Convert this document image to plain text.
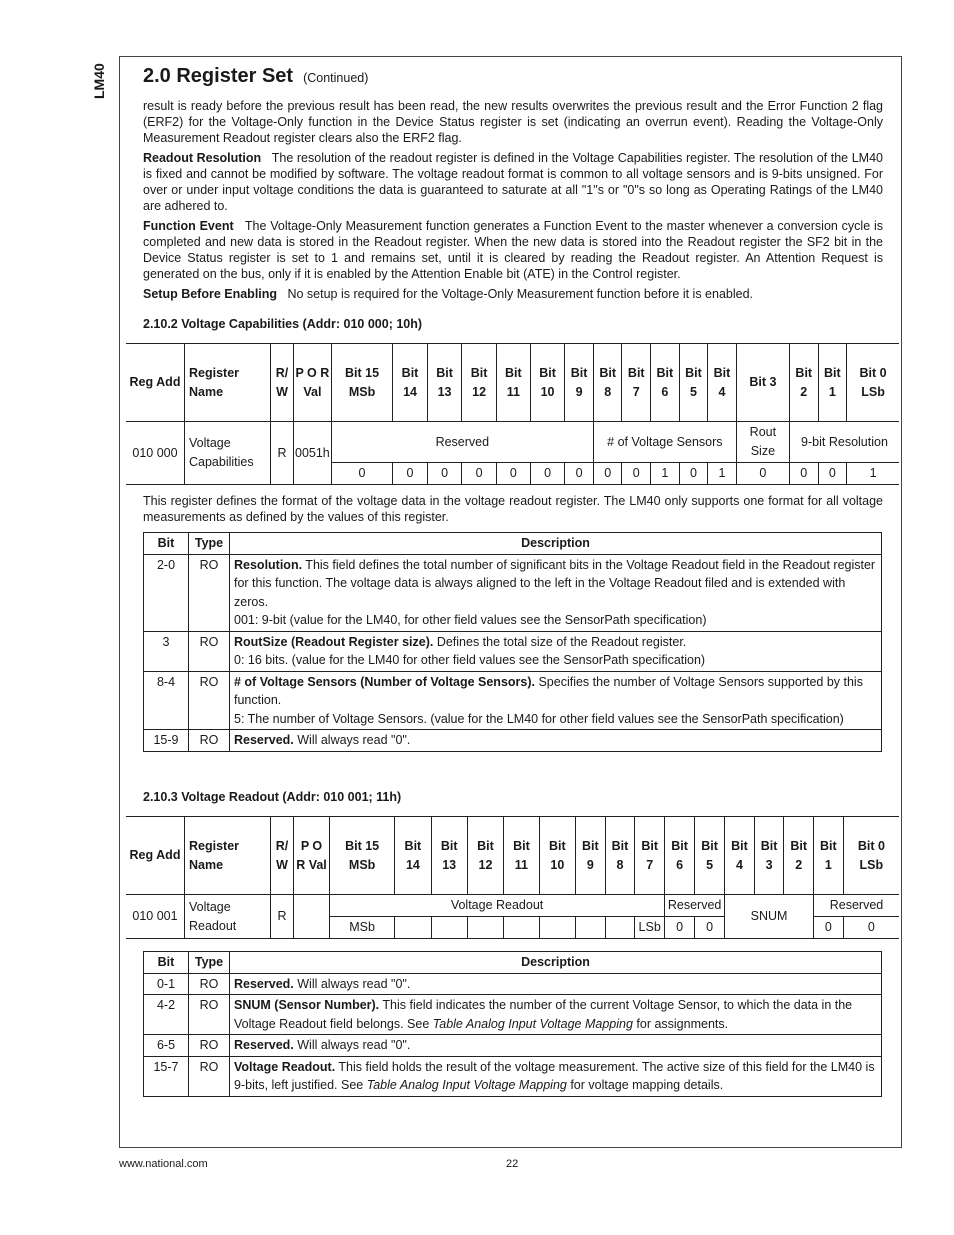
LM40	2.0 Register Set (Continued)

result is ready before the previous result has been read, the new results overwrites the previous result and the Error Function 2 flag (ERF2) for the Voltage-Only function in the Device Status register is set (indicating an overrun event). Reading the Voltage-Only Measurement Readout register clears also the ERF2 flag.

Readout Resolution The resolution of the readout register is defined in the Voltage Capabilities register. The resolution of the LM40 is fixed and cannot be modified by software. The voltage readout format is common to all voltage sensors and is 9-bits unsigned. For over or under input voltage conditions the data is guaranteed to saturate at all "1"s or "0"s so long as Operating Ratings of the LM40 are adhered to.

Function Event The Voltage-Only Measurement function generates a Function Event to the master whenever a conversion cycle is completed and new data is stored in the Readout register. When the new data is stored into the Readout register the SF2 bit in the Device Status register is set to 1 and remains set, until it is cleared by reading the Readout register. An Attention Request is generated on the bus, only if it is enabled by the Attention Enable bit (ATE) in the Control register.

Setup Before Enabling No setup is required for the Voltage-Only Measurement function before it is enabled.

2.10.2 Voltage Capabilities (Addr: 010 000; 10h)
Reg Add	Register Name	R/ W	P O R Val	Bit 15 MSb	Bit 14	Bit 13	Bit 12	Bit 11	Bit 10	Bit 9	Bit 8	Bit 7	Bit 6	Bit 5	Bit 4	Bit 3	Bit 2	Bit 1	Bit 0 LSb
010 000	Voltage Capabilities	R	0051h	Reserved							# of Voltage Sensors					Rout Size	9-bit Resolution		
				0	0	0	0	0	0	0	0	0	1	0	1	0	0	0	1
This register defines the format of the voltage data in the voltage readout register. The LM40 only supports one format for all voltage measurements as defined by the values of this register.
Bit	Type	Description
2-0	RO	Resolution. This field defines the total number of significant bits in the Voltage Readout field in the Readout register for this function. The voltage data is always aligned to the left in the Voltage Readout filed and is extended with zeros.
001: 9-bit (value for the LM40, for other field values see the SensorPath specification)
3	RO	RoutSize (Readout Register size). Defines the total size of the Readout register.
0: 16 bits. (value for the LM40 for other field values see the SensorPath specification)
8-4	RO	# of Voltage Sensors (Number of Voltage Sensors). Specifies the number of Voltage Sensors supported by this function.
5: The number of Voltage Sensors. (value for the LM40 for other field values see the SensorPath specification)
15-9	RO	Reserved. Will always read "0".
2.10.3 Voltage Readout (Addr: 010 001; 11h)
Reg Add	Register Name	R/ W	P O R Val	Bit 15 MSb	Bit 14	Bit 13	Bit 12	Bit 11	Bit 10	Bit 9	Bit 8	Bit 7	Bit 6	Bit 5	Bit 4	Bit 3	Bit 2	Bit 1	Bit 0 LSb
010 001	Voltage Readout	R		Voltage Readout									Reserved		SNUM			Reserved	
				MSb								LSb	0	0				0	0
Bit	Type	Description
0-1	RO	Reserved. Will always read "0".
4-2	RO	SNUM (Sensor Number). This field indicates the number of the current Voltage Sensor, to which the data in the Voltage Readout field belongs. See Table Analog Input Voltage Mapping for assignments.
6-5	RO	Reserved. Will always read "0".
15-7	RO	Voltage Readout. This field holds the result of the voltage measurement. The active size of this field for the LM40 is 9-bits, left justified. See Table Analog Input Voltage Mapping for voltage mapping details.
www.national.com	22
